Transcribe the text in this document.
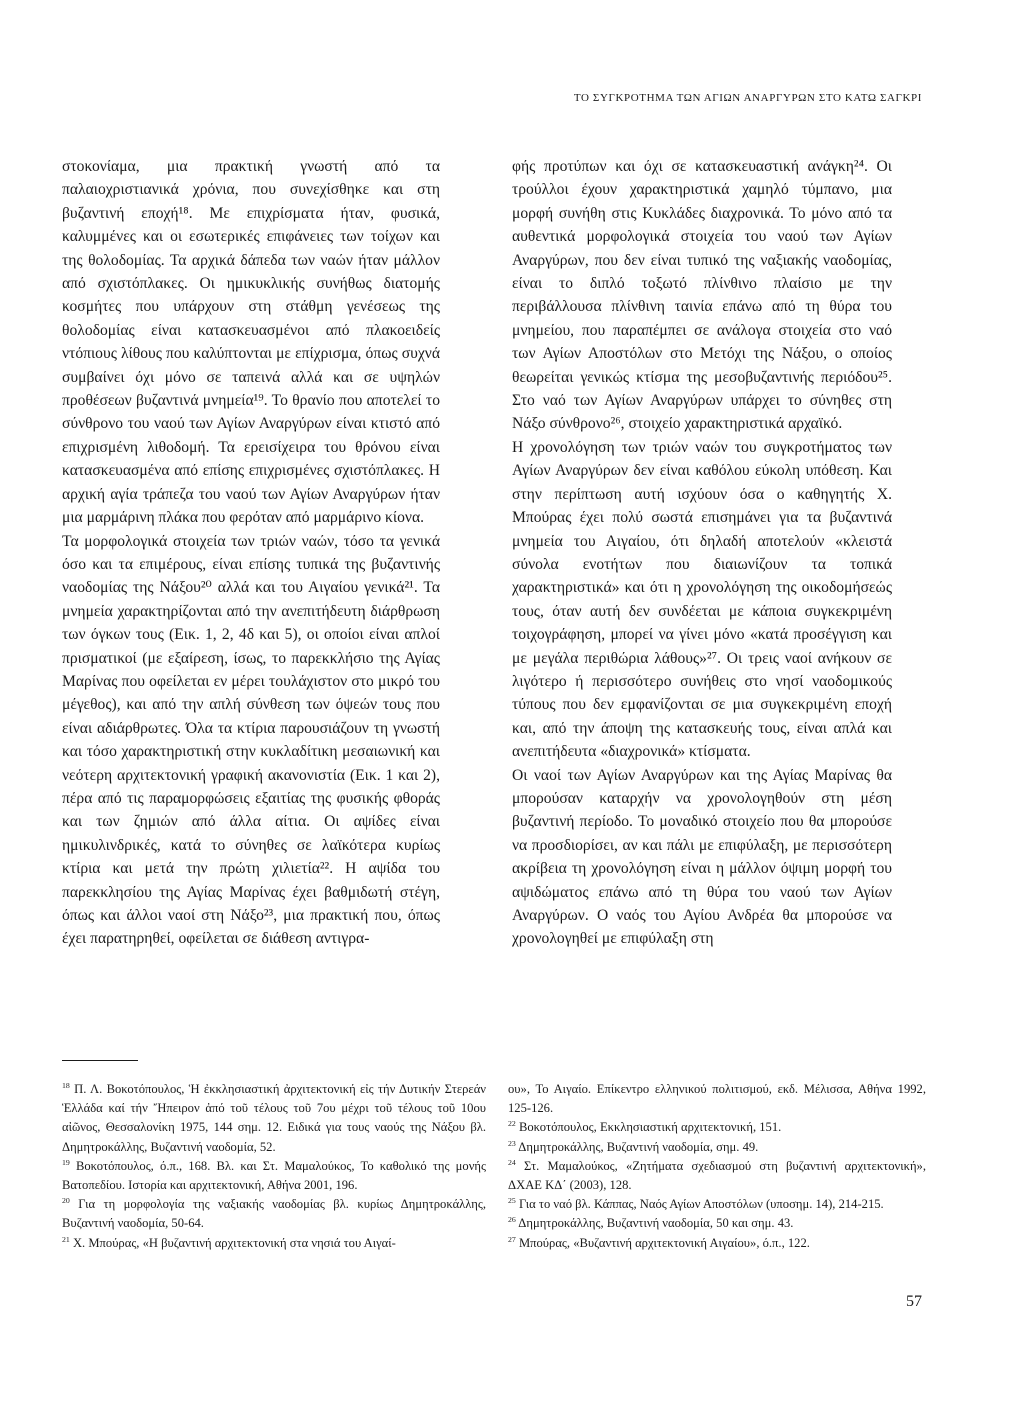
ΤΟ ΣΥΓΚΡΟΤΗΜΑ ΤΩΝ ΑΓΙΩΝ ΑΝΑΡΓΥΡΩΝ ΣΤΟ ΚΑΤΩ ΣΑΓΚΡΙ

στοκονίαμα, μια πρακτική γνωστή από τα παλαιοχριστιανικά χρόνια, που συνεχίσθηκε και στη βυζαντινή εποχή¹⁸. Με επιχρίσματα ήταν, φυσικά, καλυμμένες και οι εσωτερικές επιφάνειες των τοίχων και της θολοδομίας. Τα αρχικά δάπεδα των ναών ήταν μάλλον από σχιστόπλακες. Οι ημικυκλικής συνήθως διατομής κοσμήτες που υπάρχουν στη στάθμη γενέσεως της θολοδομίας είναι κατασκευασμένοι από πλακοειδείς ντόπιους λίθους που καλύπτονται με επίχρισμα, όπως συχνά συμβαίνει όχι μόνο σε ταπεινά αλλά και σε υψηλών προθέσεων βυζαντινά μνημεία¹⁹. Το θρανίο που αποτελεί το σύνθρονο του ναού των Αγίων Αναργύρων είναι κτιστό από επιχρισμένη λιθοδομή. Τα ερεισίχειρα του θρόνου είναι κατασκευασμένα από επίσης επιχρισμένες σχιστόπλακες. Η αρχική αγία τράπεζα του ναού των Αγίων Αναργύρων ήταν μια μαρμάρινη πλάκα που φερόταν από μαρμάρινο κίονα.

Τα μορφολογικά στοιχεία των τριών ναών, τόσο τα γενικά όσο και τα επιμέρους, είναι επίσης τυπικά της βυζαντινής ναοδομίας της Νάξου²⁰ αλλά και του Αιγαίου γενικά²¹. Τα μνημεία χαρακτηρίζονται από την ανεπιτήδευτη διάρθρωση των όγκων τους (Εικ. 1, 2, 4δ και 5), οι οποίοι είναι απλοί πρισματικοί (με εξαίρεση, ίσως, το παρεκκλήσιο της Αγίας Μαρίνας που οφείλεται εν μέρει τουλάχιστον στο μικρό του μέγεθος), και από την απλή σύνθεση των όψεών τους που είναι αδιάρθρωτες. Όλα τα κτίρια παρουσιάζουν τη γνωστή και τόσο χαρακτηριστική στην κυκλαδίτικη μεσαιωνική και νεότερη αρχιτεκτονική γραφική ακανονιστία (Εικ. 1 και 2), πέρα από τις παραμορφώσεις εξαιτίας της φυσικής φθοράς και των ζημιών από άλλα αίτια. Οι αψίδες είναι ημικυλινδρικές, κατά το σύνηθες σε λαϊκότερα κυρίως κτίρια και μετά την πρώτη χιλιετία²². Η αψίδα του παρεκκλησίου της Αγίας Μαρίνας έχει βαθμιδωτή στέγη, όπως και άλλοι ναοί στη Νάξο²³, μια πρακτική που, όπως έχει παρατηρηθεί, οφείλεται σε διάθεση αντιγρα-

φής προτύπων και όχι σε κατασκευαστική ανάγκη²⁴. Οι τρούλλοι έχουν χαρακτηριστικά χαμηλό τύμπανο, μια μορφή συνήθη στις Κυκλάδες διαχρονικά. Το μόνο από τα αυθεντικά μορφολογικά στοιχεία του ναού των Αγίων Αναργύρων, που δεν είναι τυπικό της ναξιακής ναοδομίας, είναι το διπλό τοξωτό πλίνθινο πλαίσιο με την περιβάλλουσα πλίνθινη ταινία επάνω από τη θύρα του μνημείου, που παραπέμπει σε ανάλογα στοιχεία στο ναό των Αγίων Αποστόλων στο Μετόχι της Νάξου, ο οποίος θεωρείται γενικώς κτίσμα της μεσοβυζαντινής περιόδου²⁵. Στο ναό των Αγίων Αναργύρων υπάρχει το σύνηθες στη Νάξο σύνθρονο²⁶, στοιχείο χαρακτηριστικά αρχαϊκό.

Η χρονολόγηση των τριών ναών του συγκροτήματος των Αγίων Αναργύρων δεν είναι καθόλου εύκολη υπόθεση. Και στην περίπτωση αυτή ισχύουν όσα ο καθηγητής Χ. Μπούρας έχει πολύ σωστά επισημάνει για τα βυζαντινά μνημεία του Αιγαίου, ότι δηλαδή αποτελούν «κλειστά σύνολα ενοτήτων που διαιωνίζουν τα τοπικά χαρακτηριστικά» και ότι η χρονολόγηση της οικοδομήσεώς τους, όταν αυτή δεν συνδέεται με κάποια συγκεκριμένη τοιχογράφηση, μπορεί να γίνει μόνο «κατά προσέγγιση και με μεγάλα περιθώρια λάθους»²⁷. Οι τρεις ναοί ανήκουν σε λιγότερο ή περισσότερο συνήθεις στο νησί ναοδομικούς τύπους που δεν εμφανίζονται σε μια συγκεκριμένη εποχή και, από την άποψη της κατασκευής τους, είναι απλά και ανεπιτήδευτα «διαχρονικά» κτίσματα.

Οι ναοί των Αγίων Αναργύρων και της Αγίας Μαρίνας θα μπορούσαν καταρχήν να χρονολογηθούν στη μέση βυζαντινή περίοδο. Το μοναδικό στοιχείο που θα μπορούσε να προσδιορίσει, αν και πάλι με επιφύλαξη, με περισσότερη ακρίβεια τη χρονολόγηση είναι η μάλλον όψιμη μορφή του αψιδώματος επάνω από τη θύρα του ναού των Αγίων Αναργύρων. Ο ναός του Αγίου Ανδρέα θα μπορούσε να χρονολογηθεί με επιφύλαξη στη

$^{18}$ Π. Λ. Βοκοτόπουλος, Ἡ ἐκκλησιαστική ἀρχιτεκτονική εἰς τήν Δυτικήν Στερεάν Ἑλλάδα καί τήν Ἤπειρον ἀπό τοῦ τέλους τοῦ 7ου μέχρι τοῦ τέλους τοῦ 10ου αἰῶνος, Θεσσαλονίκη 1975, 144 σημ. 12. Ειδικά για τους ναούς της Νάξου βλ. Δημητροκάλλης, Βυζαντινή ναοδομία, 52.

$^{19}$ Βοκοτόπουλος, ό.π., 168. Βλ. και Στ. Μαμαλούκος, Το καθολικό της μονής Βατοπεδίου. Ιστορία και αρχιτεκτονική, Αθήνα 2001, 196.

$^{20}$ Για τη μορφολογία της ναξιακής ναοδομίας βλ. κυρίως Δημητροκάλλης, Βυζαντινή ναοδομία, 50-64.

$^{21}$ Χ. Μπούρας, «Η βυζαντινή αρχιτεκτονική στα νησιά του Αιγαί-

ου», Το Αιγαίο. Επίκεντρο ελληνικού πολιτισμού, εκδ. Μέλισσα, Αθήνα 1992, 125-126.

$^{22}$ Βοκοτόπουλος, Εκκλησιαστική αρχιτεκτονική, 151.

$^{23}$ Δημητροκάλλης, Βυζαντινή ναοδομία, σημ. 49.

$^{24}$ Στ. Μαμαλούκος, «Ζητήματα σχεδιασμού στη βυζαντινή αρχιτεκτονική», ΔΧΑΕ ΚΔ΄ (2003), 128.

$^{25}$ Για το ναό βλ. Κάππας, Ναός Αγίων Αποστόλων (υποσημ. 14), 214-215.

$^{26}$ Δημητροκάλλης, Βυζαντινή ναοδομία, 50 και σημ. 43.

$^{27}$ Μπούρας, «Βυζαντινή αρχιτεκτονική Αιγαίου», ό.π., 122.

57
